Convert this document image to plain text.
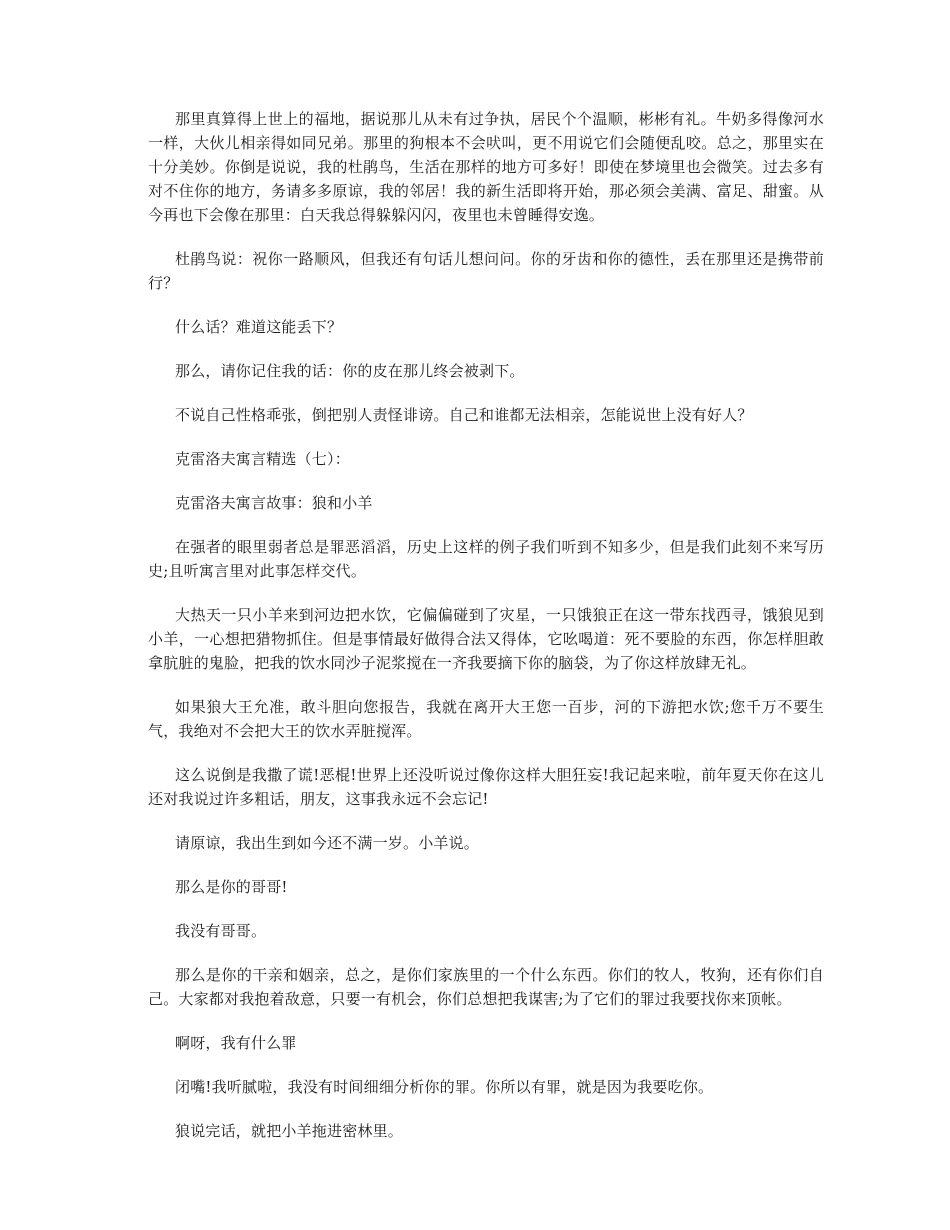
那里真算得上世上的福地，据说那儿从未有过争执，居民个个温顺，彬彬有礼。牛奶多得像河水一样，大伙儿相亲得如同兄弟。那里的狗根本不会吠叫，更不用说它们会随便乱咬。总之，那里实在十分美妙。你倒是说说，我的杜鹃鸟，生活在那样的地方可多好！即使在梦境里也会微笑。过去多有对不住你的地方，务请多多原谅，我的邻居！我的新生活即将开始，那必须会美满、富足、甜蜜。从今再也下会像在那里：白天我总得躲躲闪闪，夜里也未曾睡得安逸。

杜鹃鸟说：祝你一路顺风，但我还有句话儿想问问。你的牙齿和你的德性，丢在那里还是携带前行？

什么话？难道这能丢下？

那么，请你记住我的话：你的皮在那儿终会被剥下。

不说自己性格乖张，倒把别人责怪诽谤。自己和谁都无法相亲，怎能说世上没有好人？

克雷洛夫寓言精选（七）：

克雷洛夫寓言故事：狼和小羊

在强者的眼里弱者总是罪恶滔滔，历史上这样的例子我们听到不知多少，但是我们此刻不来写历史;且听寓言里对此事怎样交代。

大热天一只小羊来到河边把水饮，它偏偏碰到了灾星，一只饿狼正在这一带东找西寻，饿狼见到小羊，一心想把猎物抓住。但是事情最好做得合法又得体，它吆喝道：死不要脸的东西，你怎样胆敢拿肮脏的鬼脸，把我的饮水同沙子泥浆搅在一齐我要摘下你的脑袋，为了你这样放肆无礼。

如果狼大王允准，敢斗胆向您报告，我就在离开大王您一百步，河的下游把水饮;您千万不要生气，我绝对不会把大王的饮水弄脏搅浑。

这么说倒是我撒了谎!恶棍!世界上还没听说过像你这样大胆狂妄!我记起来啦，前年夏天你在这儿还对我说过许多粗话，朋友，这事我永远不会忘记!

请原谅，我出生到如今还不满一岁。小羊说。

那么是你的哥哥!

我没有哥哥。

那么是你的干亲和姻亲，总之，是你们家族里的一个什么东西。你们的牧人，牧狗，还有你们自己。大家都对我抱着敌意，只要一有机会，你们总想把我谋害;为了它们的罪过我要找你来顶帐。

啊呀，我有什么罪

闭嘴!我听腻啦，我没有时间细细分析你的罪。你所以有罪，就是因为我要吃你。

狼说完话，就把小羊拖进密林里。
